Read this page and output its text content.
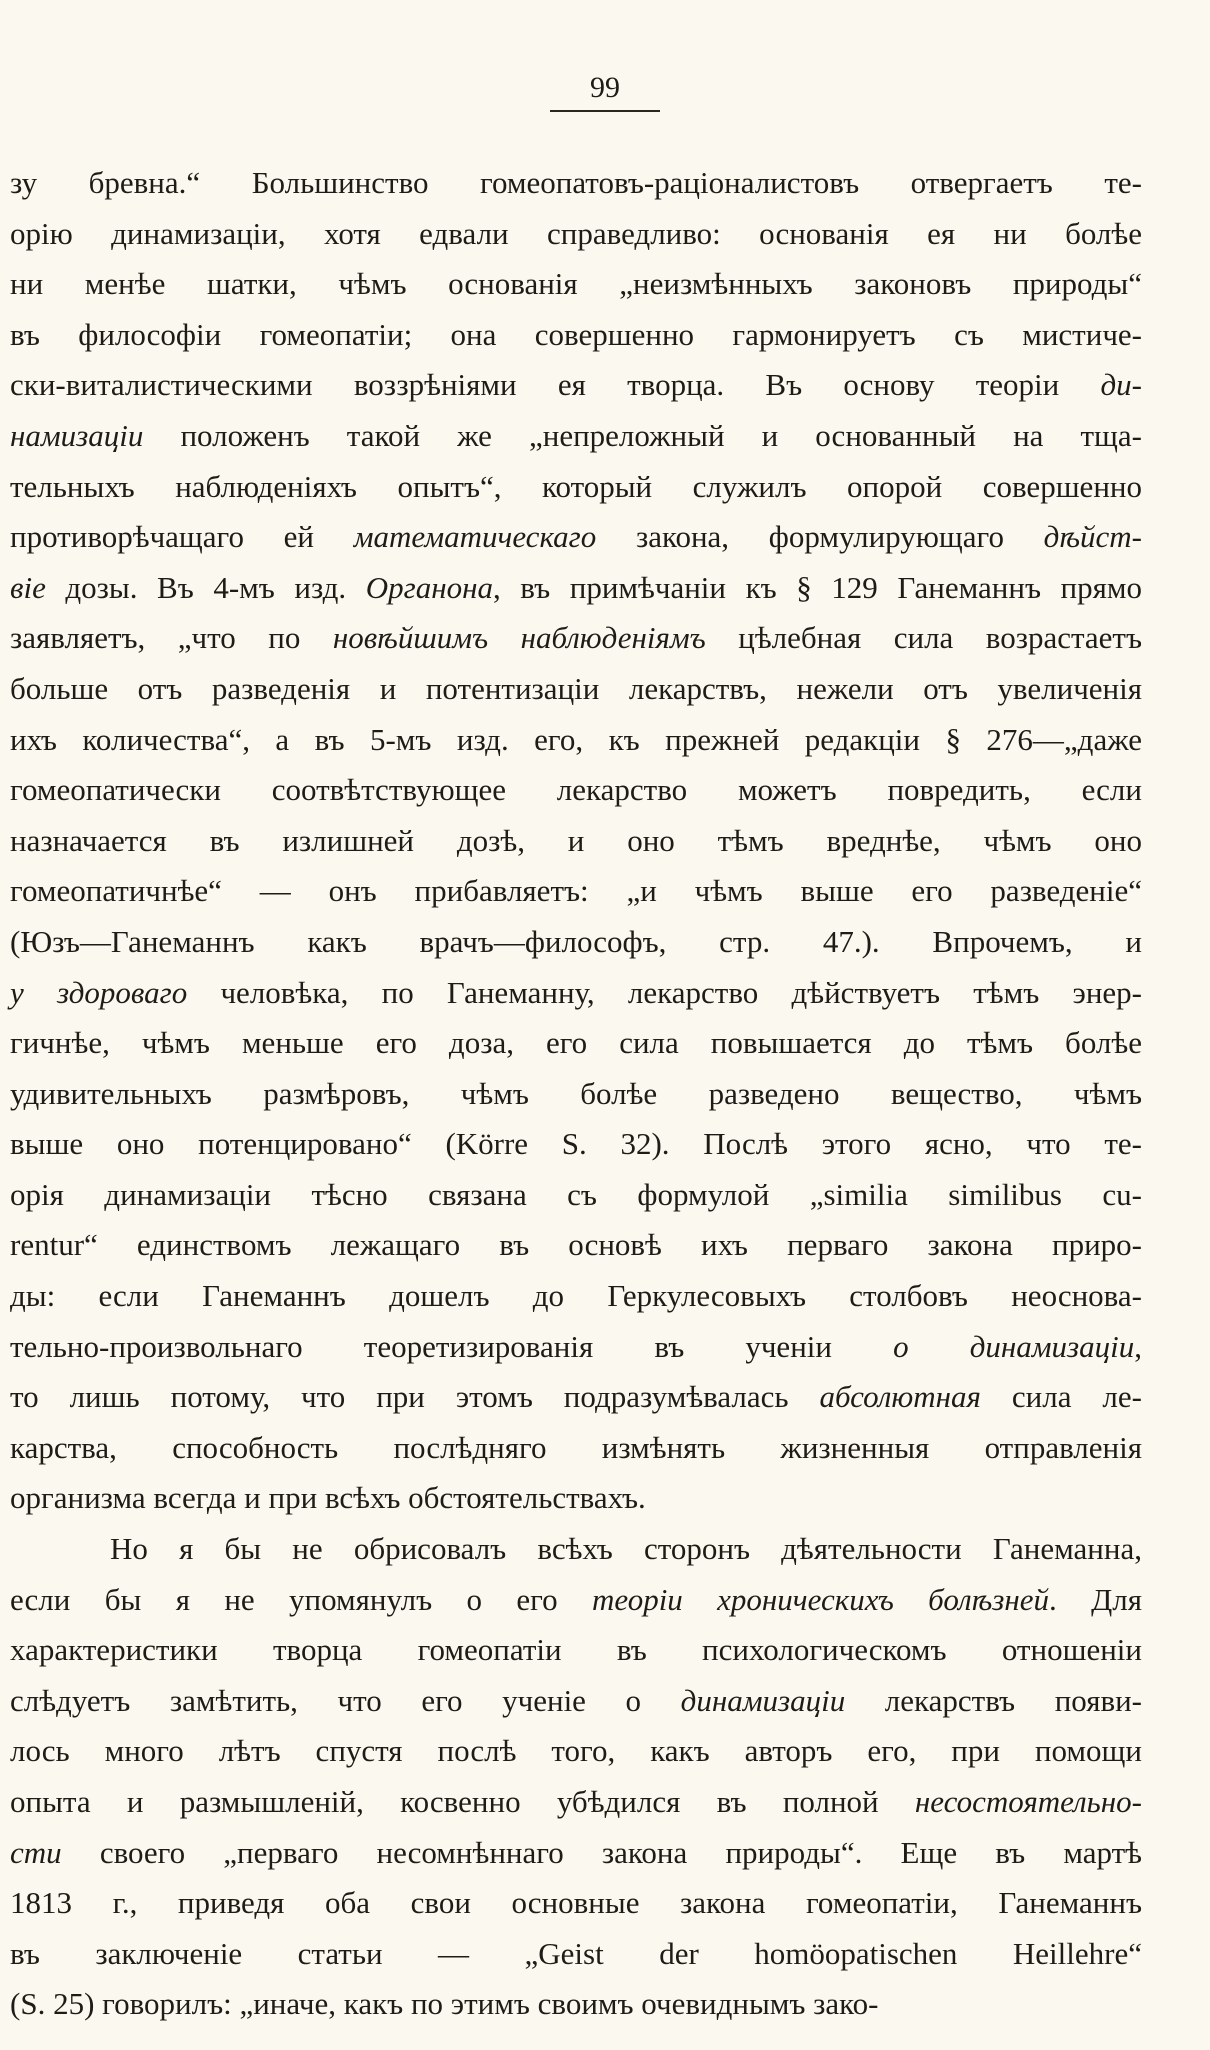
99
зу бревна.“ Большинство гомеопатовъ-раціоналистовъ отвергаетъ те-
орію динамизаціи, хотя едвали справедливо: основанія ея ни болѣе
ни менѣе шатки, чѣмъ основанія „неизмѣнныхъ законовъ природы“
въ философіи гомеопатіи; она совершенно гармонируетъ съ мистиче-
ски-виталистическими воззрѣніями ея творца. Въ основу теоріи ди-
намизаціи положенъ такой же „непреложный и основанный на тща-
тельныхъ наблюденіяхъ опытъ“, который служилъ опорой совершенно
противорѣчащаго ей математическаго закона, формулирующаго дѣйст-
віе дозы. Въ 4-мъ изд. Органона, въ примѣчаніи къ § 129 Ганеманнъ прямо
заявляетъ, „что по новѣйшимъ наблюденіямъ цѣлебная сила возрастаетъ
больше отъ разведенія и потентизаціи лекарствъ, нежели отъ увеличенія
ихъ количества“, а въ 5-мъ изд. его, къ прежней редакціи § 276—„даже
гомеопатически соотвѣтствующее лекарство можетъ повредить, если
назначается въ излишней дозѣ, и оно тѣмъ вреднѣе, чѣмъ оно
гомеопатичнѣе“ — онъ прибавляетъ: „и чѣмъ выше его разведеніе“
(Юзъ—Ганеманнъ какъ врачъ—философъ, стр. 47.). Впрочемъ, и
у здороваго человѣка, по Ганеманну, лекарство дѣйствуетъ тѣмъ энер-
гичнѣе, чѣмъ меньше его доза, его сила повышается до тѣмъ болѣе
удивительныхъ размѣровъ, чѣмъ болѣе разведено вещество, чѣмъ
выше оно потенцировано“ (Körre S. 32). Послѣ этого ясно, что те-
орія динамизаціи тѣсно связана съ формулой „similia similibus cu-
rentur“ единствомъ лежащаго въ основѣ ихъ перваго закона приро-
ды: если Ганеманнъ дошелъ до Геркулесовыхъ столбовъ неоснова-
тельно-произвольнаго теоретизированія въ ученіи о динамизаціи,
то лишь потому, что при этомъ подразумѣвалась абсолютная сила ле-
карства, способность послѣдняго измѣнять жизненныя отправленія
организма всегда и при всѣхъ обстоятельствахъ.
Но я бы не обрисовалъ всѣхъ сторонъ дѣятельности Ганеманна,
если бы я не упомянулъ о его теоріи хроническихъ болѣзней. Для
характеристики творца гомеопатіи въ психологическомъ отношеніи
слѣдуетъ замѣтить, что его ученіе о динамизаціи лекарствъ появи-
лось много лѣтъ спустя послѣ того, какъ авторъ его, при помощи
опыта и размышленій, косвенно убѣдился въ полной несостоятельно-
сти своего „перваго несомнѣннаго закона природы“. Еще въ мартѣ
1813 г., приведя оба свои основные закона гомеопатіи, Ганеманнъ
въ заключеніе статьи — „Geist der homöopatischen Heillehre“
(S. 25) говорилъ: „иначе, какъ по этимъ своимъ очевиднымъ зако-
